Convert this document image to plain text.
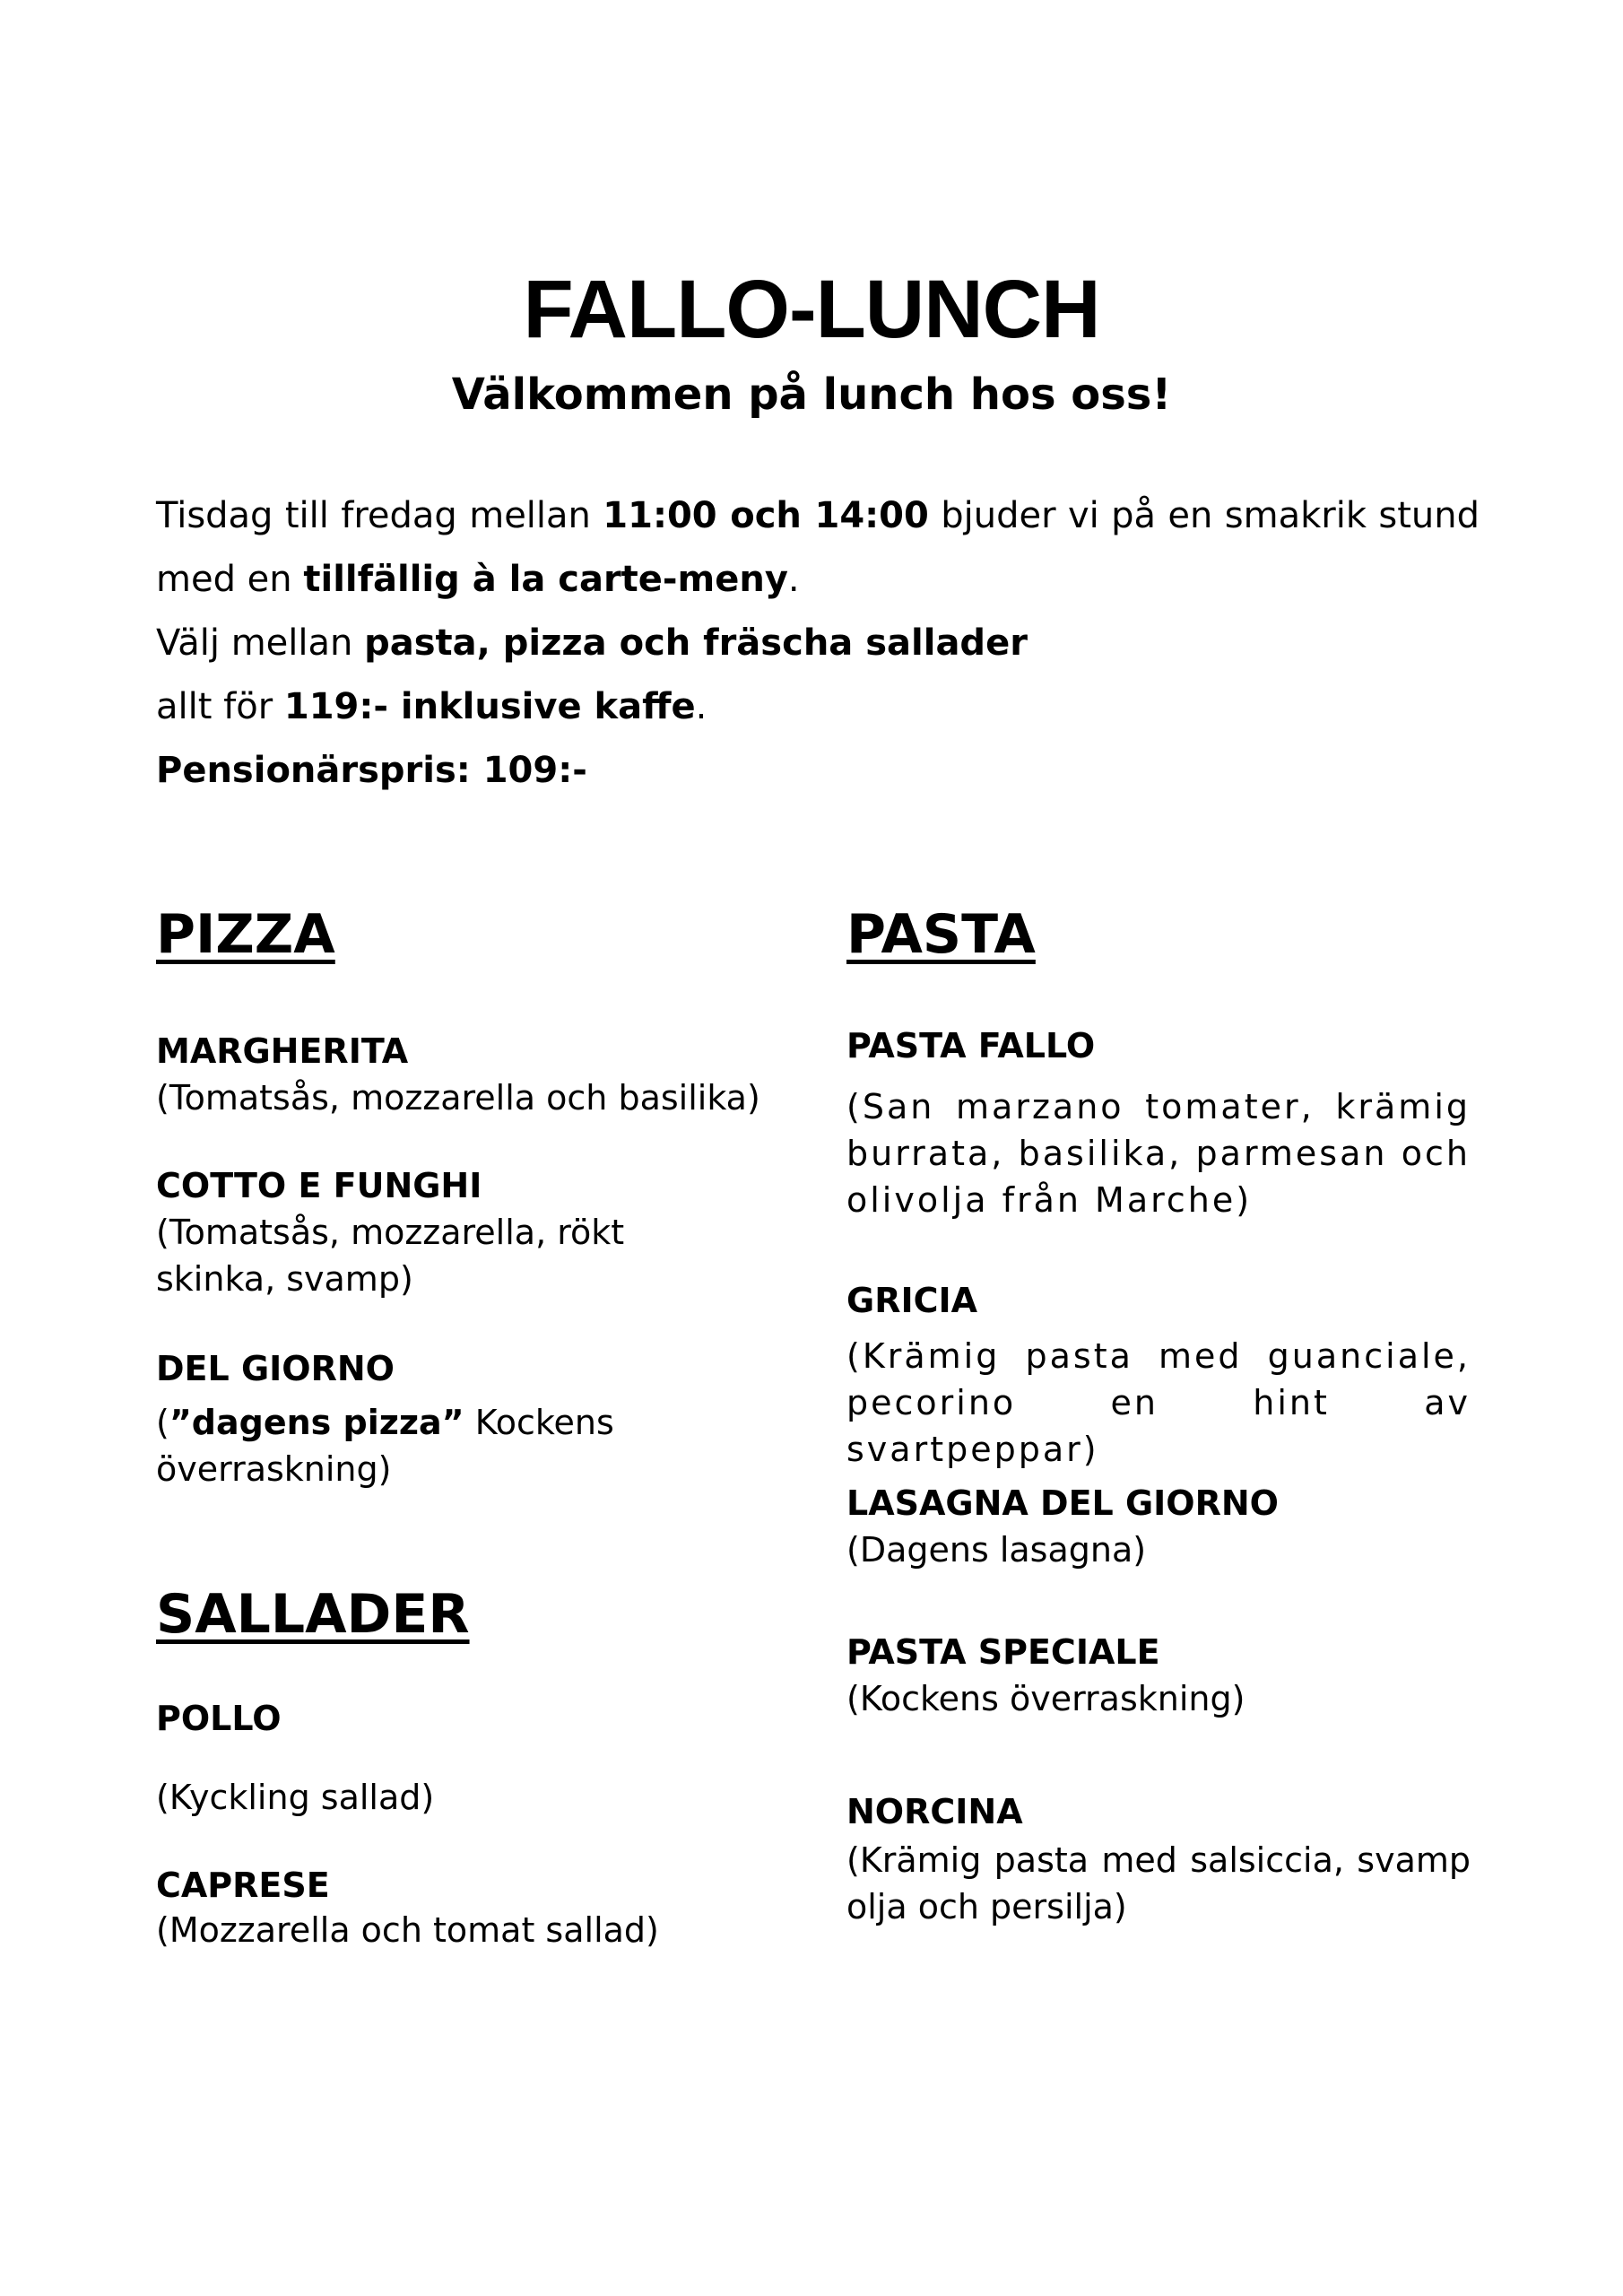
FALLO-LUNCH
Välkommen på lunch hos oss!
Tisdag till fredag mellan 11:00 och 14:00 bjuder vi på en smakrik stund
med en tillfällig à la carte-meny.
Välj mellan pasta, pizza och fräscha sallader
allt för 119:- inklusive kaffe.
Pensionärspris: 109:-
PIZZA
MARGHERITA
(Tomatsås, mozzarella och basilika)
COTTO E FUNGHI
(Tomatsås, mozzarella, rökt skinka, svamp)
DEL GIORNO
(”dagens pizza” Kockens överraskning)
SALLADER
POLLO
(Kyckling sallad)
CAPRESE
(Mozzarella och tomat sallad)
PASTA
PASTA FALLO
(San marzano tomater, krämig burrata, basilika, parmesan och olivolja från Marche)
GRICIA
(Krämig pasta med guanciale, pecorino en hint av svartpeppar)
LASAGNA DEL GIORNO
(Dagens lasagna)
PASTA SPECIALE
(Kockens överraskning)
NORCINA
(Krämig pasta med salsiccia, svamp olja och persilja)
